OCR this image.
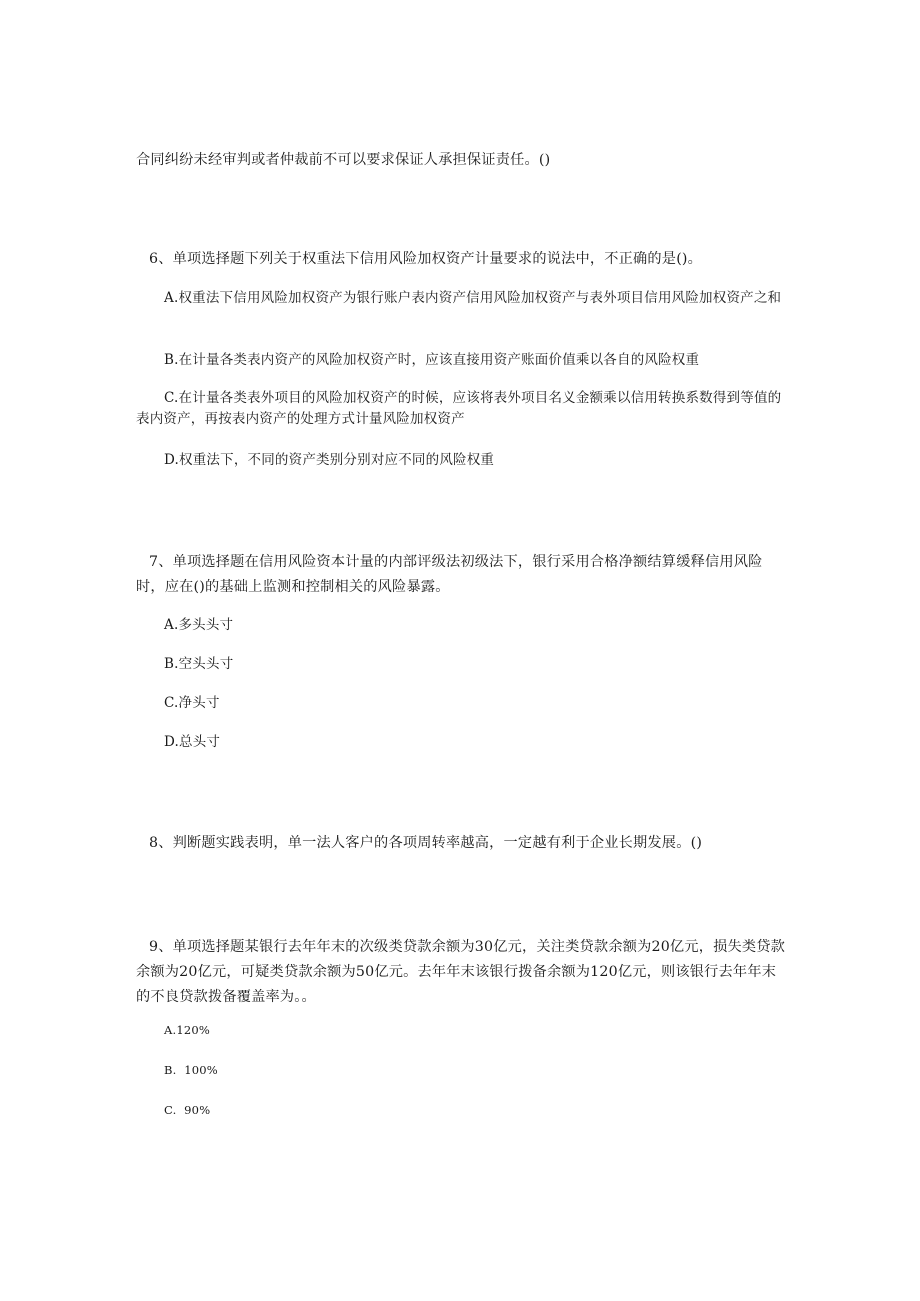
合同纠纷未经审判或者仲裁前不可以要求保证人承担保证责任。()
6、单项选择题下列关于权重法下信用风险加权资产计量要求的说法中，不正确的是()。
A.权重法下信用风险加权资产为银行账户表内资产信用风险加权资产与表外项目信用风险加权资产之和
B.在计量各类表内资产的风险加权资产时，应该直接用资产账面价值乘以各自的风险权重
C.在计量各类表外项目的风险加权资产的时候，应该将表外项目名义金额乘以信用转换系数得到等值的表内资产，再按表内资产的处理方式计量风险加权资产
D.权重法下，不同的资产类别分别对应不同的风险权重
7、单项选择题在信用风险资本计量的内部评级法初级法下，银行采用合格净额结算缓释信用风险时，应在()的基础上监测和控制相关的风险暴露。
A.多头头寸
B.空头头寸
C.净头寸
D.总头寸
8、判断题实践表明，单一法人客户的各项周转率越高，一定越有利于企业长期发展。()
9、单项选择题某银行去年年末的次级类贷款余额为30亿元，关注类贷款余额为20亿元，损失类贷款余额为20亿元，可疑类贷款余额为50亿元。去年年末该银行拨备余额为120亿元，则该银行去年年末的不良贷款拨备覆盖率为。。
A.120%
B.  100%
C.  90%
